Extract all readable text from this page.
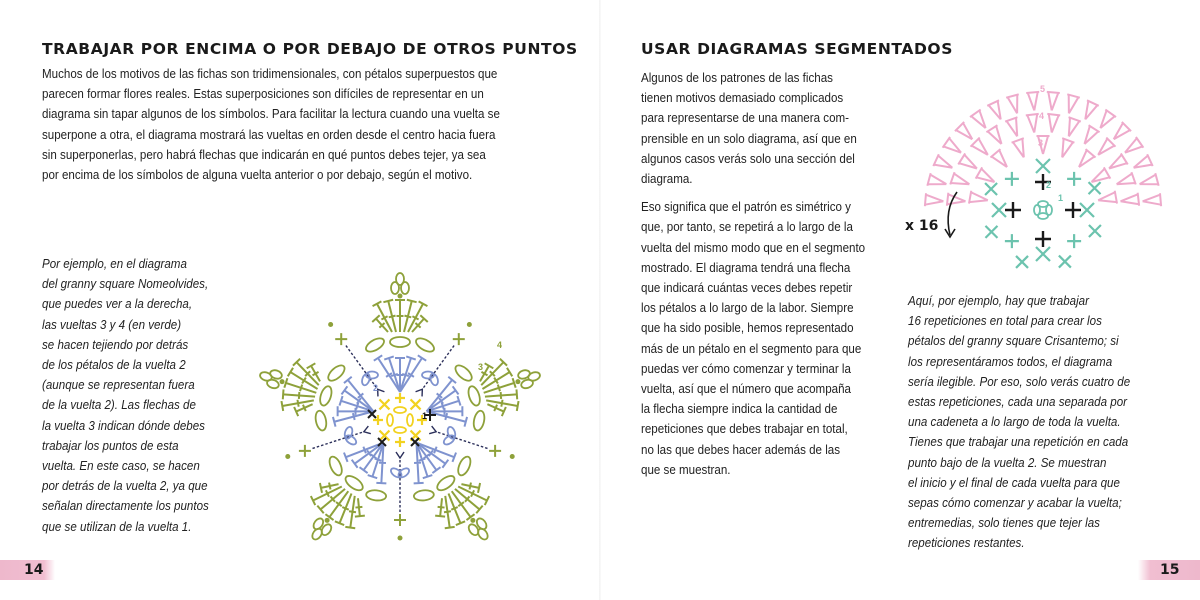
TRABAJAR POR ENCIMA O POR DEBAJO DE OTROS PUNTOS

Muchos de los motivos de las fichas son tridimensionales, con pétalos superpuestos que

parecen formar flores reales. Estas superposiciones son difíciles de representar en un

diagrama sin tapar algunos de los símbolos. Para facilitar la lectura cuando una vuelta se

superpone a otra, el diagrama mostrará las vueltas en orden desde el centro hacia fuera

sin superponerlas, pero habrá flechas que indicarán en qué puntos debes tejer, ya sea

por encima de los símbolos de alguna vuelta anterior o por debajo, según el motivo.

Por ejemplo, en el diagrama

del granny square Nomeolvides,

que puedes ver a la derecha,

las vueltas 3 y 4 (en verde)

se hacen tejiendo por detrás

de los pétalos de la vuelta 2

(aunque se representan fuera

de la vuelta 2). Las flechas de

la vuelta 3 indican dónde debes

trabajar los puntos de esta

vuelta. En este caso, se hacen

por detrás de la vuelta 2, ya que

señalan directamente los puntos

que se utilizan de la vuelta 1.

1
2
3
4
14
USAR DIAGRAMAS SEGMENTADOS

Algunos de los patrones de las fichas
tienen motivos demasiado complicados
para representarse de una manera com-
prensible en un solo diagrama, así que en
algunos casos verás solo una sección del
diagrama.

Eso significa que el patrón es simétrico y
que, por tanto, se repetirá a lo largo de la
vuelta del mismo modo que en el segmento
mostrado. El diagrama tendrá una flecha
que indicará cuántas veces debes repetir
los pétalos a lo largo de la labor. Siempre
que ha sido posible, hemos representado
más de un pétalo en el segmento para que
puedas ver cómo comenzar y terminar la
vuelta, así que el número que acompaña
la flecha siempre indica la cantidad de
repeticiones que debes trabajar en total,
no las que debes hacer además de las
que se muestran.

3
4
5
2
1
x 16

Aquí, por ejemplo, hay que trabajar

16 repeticiones en total para crear los

pétalos del granny square Crisantemo; si

los representáramos todos, el diagrama

sería ilegible. Por eso, solo verás cuatro de

estas repeticiones, cada una separada por

una cadeneta a lo largo de toda la vuelta.

Tienes que trabajar una repetición en cada

punto bajo de la vuelta 2. Se muestran

el inicio y el final de cada vuelta para que

sepas cómo comenzar y acabar la vuelta;

entremedias, solo tienes que tejer las

repeticiones restantes.

15
